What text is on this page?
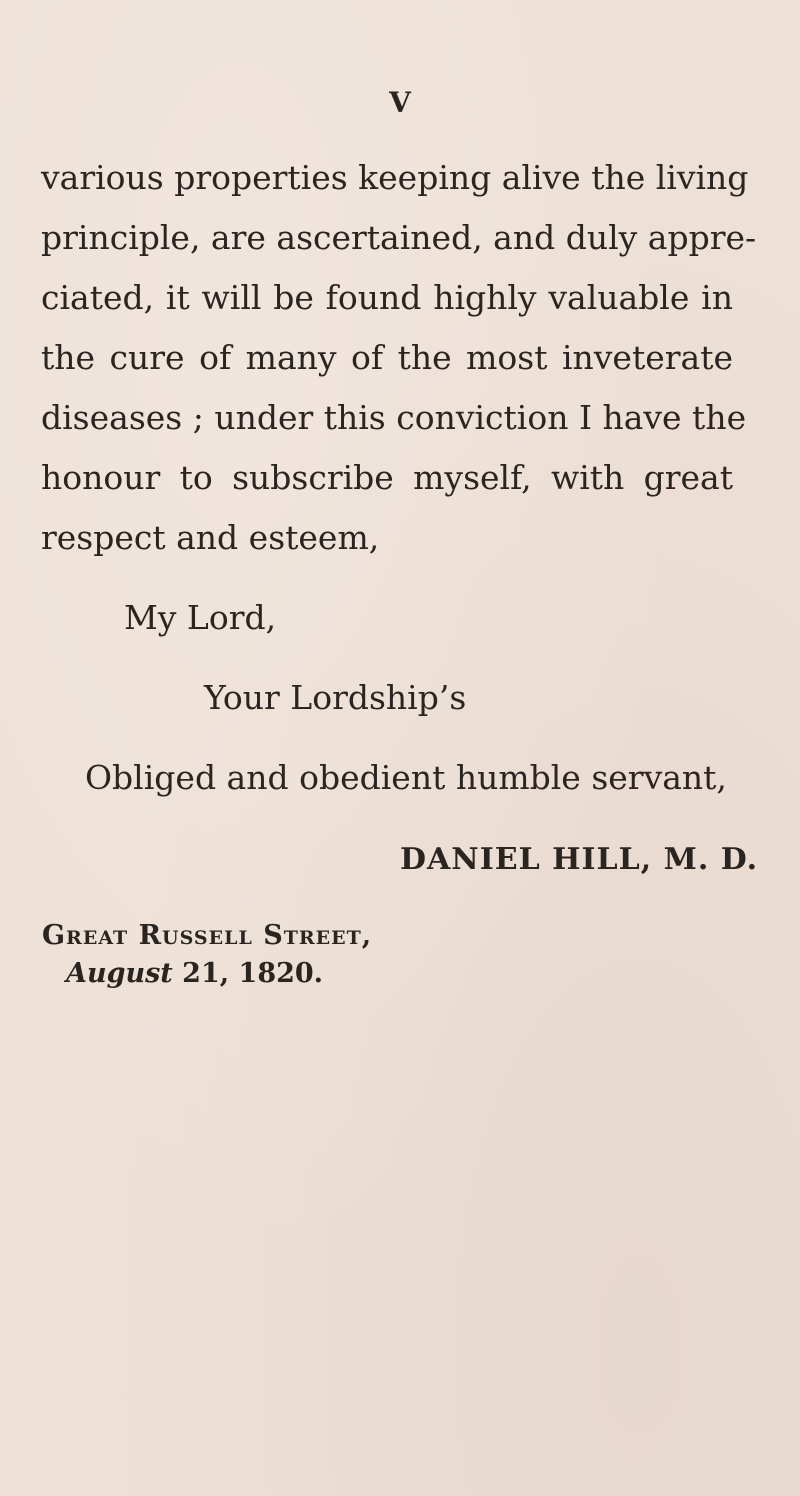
V
various properties keeping alive the living
principle, are ascertained, and duly appre-
ciated, it will be found highly valuable in
the cure of many of the most inveterate
diseases ; under this conviction I have the
honour to subscribe myself, with great
respect and esteem,
My Lord,
Your Lordship’s
Obliged and obedient humble servant,
DANIEL HILL, M. D.
Great Russell Street,
August 21, 1820.
